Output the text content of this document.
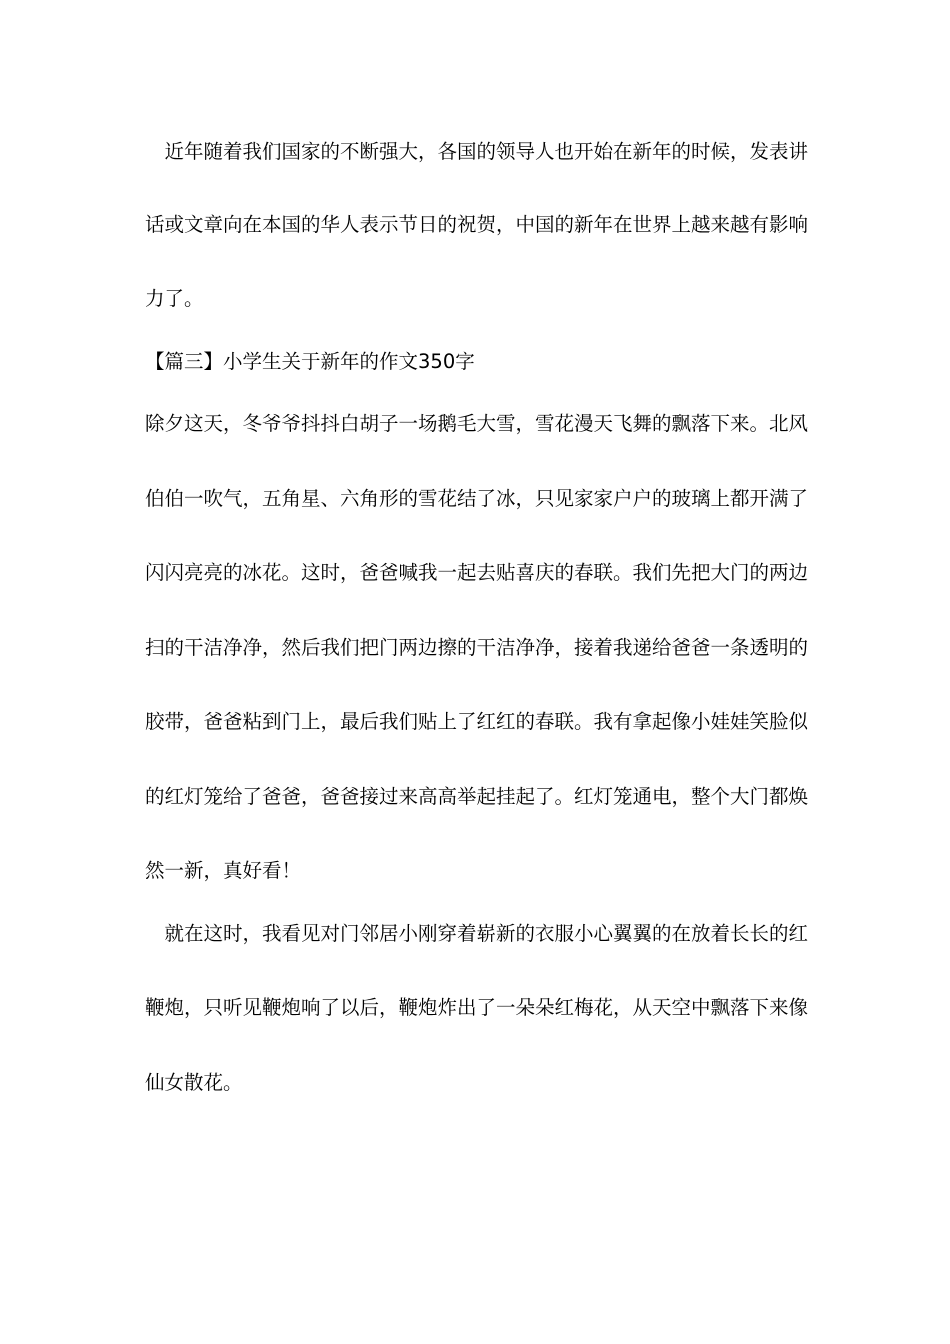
　近年随着我们国家的不断强大，各国的领导人也开始在新年的时候，发表讲
话或文章向在本国的华人表示节日的祝贺，中国的新年在世界上越来越有影响
力了。
【篇三】小学生关于新年的作文350字
除夕这天，冬爷爷抖抖白胡子一场鹅毛大雪，雪花漫天飞舞的飘落下来。北风
伯伯一吹气，五角星、六角形的雪花结了冰，只见家家户户的玻璃上都开满了
闪闪亮亮的冰花。这时，爸爸喊我一起去贴喜庆的春联。我们先把大门的两边
扫的干洁净净，然后我们把门两边擦的干洁净净，接着我递给爸爸一条透明的
胶带，爸爸粘到门上，最后我们贴上了红红的春联。我有拿起像小娃娃笑脸似
的红灯笼给了爸爸，爸爸接过来高高举起挂起了。红灯笼通电，整个大门都焕
然一新，真好看！
　就在这时，我看见对门邻居小刚穿着崭新的衣服小心翼翼的在放着长长的红
鞭炮，只听见鞭炮响了以后，鞭炮炸出了一朵朵红梅花，从天空中飘落下来像
仙女散花。
